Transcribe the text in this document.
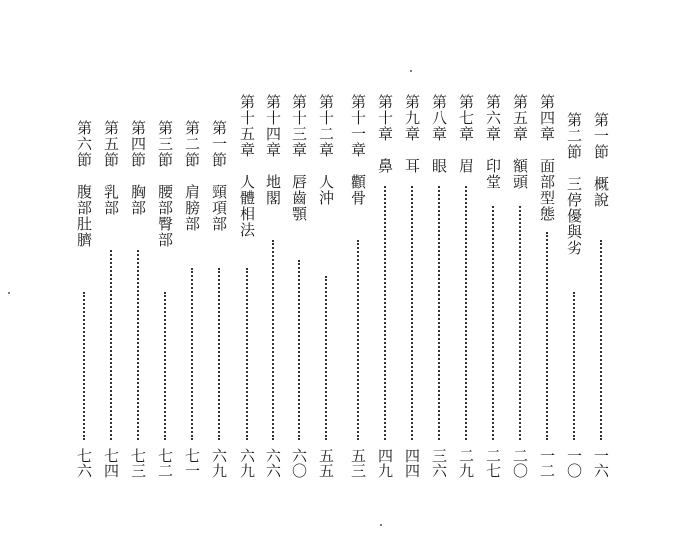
第一節　概說
一六
第二節　三停優與劣
一〇
第四章　面部型態
一二
第五章　額頭
二〇
第六章　印堂
二七
第七章　眉
二九
第八章　眼
三六
第九章　耳
四四
第十章　鼻
四九
第十一章　顴骨
五三
第十二章　人沖
五五
第十三章　唇齒顎
六〇
第十四章　地閣
六六
第十五章　人體相法
六九
第一節　頸項部
六九
第二節　肩膀部
七一
第三節　腰部臀部
七二
第四節　胸部
七三
第五節　乳部
七四
第六節　腹部肚臍
七六
